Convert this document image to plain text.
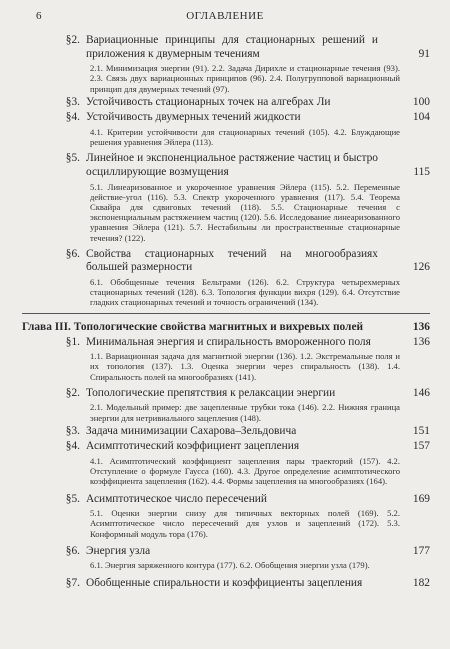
6	ОГЛАВЛЕНИЕ
§2. Вариационные принципы для стационарных решений и приложения к двумерным течениям	91
2.1. Минимизация энергии (91). 2.2. Задача Дирихле и стационарные течения (93). 2.3. Связь двух вариационных принципов (96). 2.4. Полугрупповой вариационный принцип для двумерных течений (97).
§3. Устойчивость стационарных точек на алгебрах Ли	100
§4. Устойчивость двумерных течений жидкости	104
4.1. Критерии устойчивости для стационарных течений (105). 4.2. Блуждающие решения уравнения Эйлера (113).
§5. Линейное и экспоненциальное растяжение частиц и быстро осциллирующие возмущения	115
5.1. Линеаризованное и укороченное уравнения Эйлера (115). 5.2. Переменные действие-угол (116). 5.3. Спектр укороченного уравнения (117). 5.4. Теорема Сквайра для сдвиговых течений (118). 5.5. Стационарные течения с экспоненциальным растяжением частиц (120). 5.6. Исследование линеаризованного уравнения Эйлера (121). 5.7. Нестабильны ли пространственные стационарные течения? (122).
§6. Свойства стационарных течений на многообразиях большей размерности	126
6.1. Обобщенные течения Бельтрами (126). 6.2. Структура четырехмерных стационарных течений (128). 6.3. Топология функции вихря (129). 6.4. Отсутствие гладких стационарных течений и точность ограничений (134).
Глава III. Топологические свойства магнитных и вихревых полей	136
§1. Минимальная энергия и спиральность вмороженного поля	136
1.1. Вариационная задача для магнитной энергии (136). 1.2. Экстремальные поля и их топология (137). 1.3. Оценка энергии через спиральность (138). 1.4. Спиральность полей на многообразиях (141).
§2. Топологические препятствия к релаксации энергии	146
2.1. Модельный пример: две зацепленные трубки тока (146). 2.2. Нижняя граница энергии для нетривиального зацепления (148).
§3. Задача минимизации Сахарова–Зельдовича	151
§4. Асимптотический коэффициент зацепления	157
4.1. Асимптотический коэффициент зацепления пары траекторий (157). 4.2. Отступление о формуле Гаусса (160). 4.3. Другое определение асимптотического коэффициента зацепления (162). 4.4. Формы зацепления на многообразиях (164).
§5. Асимптотическое число пересечений	169
5.1. Оценки энергии снизу для типичных векторных полей (169). 5.2. Асимптотическое число пересечений для узлов и зацеплений (172). 5.3. Конформный модуль тора (176).
§6. Энергия узла	177
6.1. Энергия заряженного контура (177). 6.2. Обобщения энергии узла (179).
§7. Обобщенные спиральности и коэффициенты зацепления	182
